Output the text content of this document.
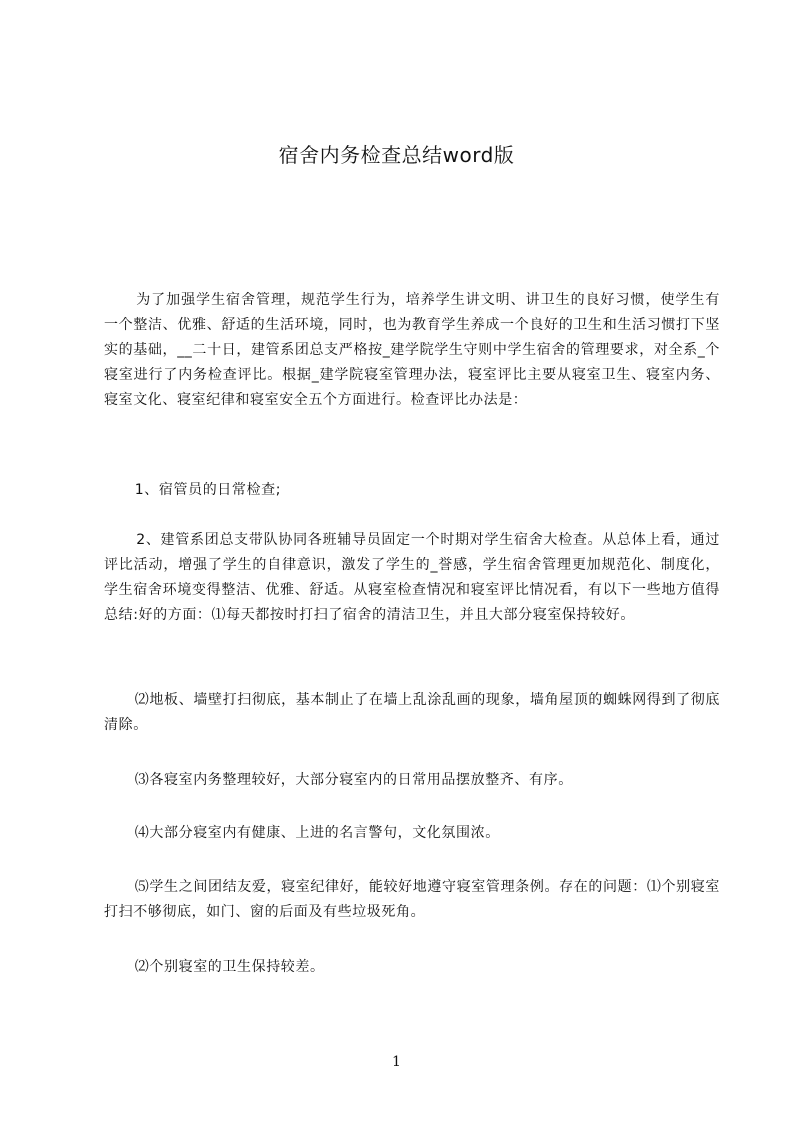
宿舍内务检查总结word版

为了加强学生宿舍管理，规范学生行为，培养学生讲文明、讲卫生的良好习惯，使学生有一个整洁、优雅、舒适的生活环境，同时，也为教育学生养成一个良好的卫生和生活习惯打下坚实的基础，__二十日，建管系团总支严格按_建学院学生守则中学生宿舍的管理要求，对全系_个寝室进行了内务检查评比。根据_建学院寝室管理办法，寝室评比主要从寝室卫生、寝室内务、寝室文化、寝室纪律和寝室安全五个方面进行。检查评比办法是：

1、宿管员的日常检查;

2、建管系团总支带队协同各班辅导员固定一个时期对学生宿舍大检查。从总体上看，通过评比活动，增强了学生的自律意识，激发了学生的_誉感，学生宿舍管理更加规范化、制度化，学生宿舍环境变得整洁、优雅、舒适。从寝室检查情况和寝室评比情况看，有以下一些地方值得总结:好的方面：⑴每天都按时打扫了宿舍的清洁卫生，并且大部分寝室保持较好。

⑵地板、墙壁打扫彻底，基本制止了在墙上乱涂乱画的现象，墙角屋顶的蜘蛛网得到了彻底清除。

⑶各寝室内务整理较好，大部分寝室内的日常用品摆放整齐、有序。

⑷大部分寝室内有健康、上进的名言警句，文化氛围浓。

⑸学生之间团结友爱，寝室纪律好，能较好地遵守寝室管理条例。存在的问题：⑴个别寝室打扫不够彻底，如门、窗的后面及有些垃圾死角。

⑵个别寝室的卫生保持较差。

1
